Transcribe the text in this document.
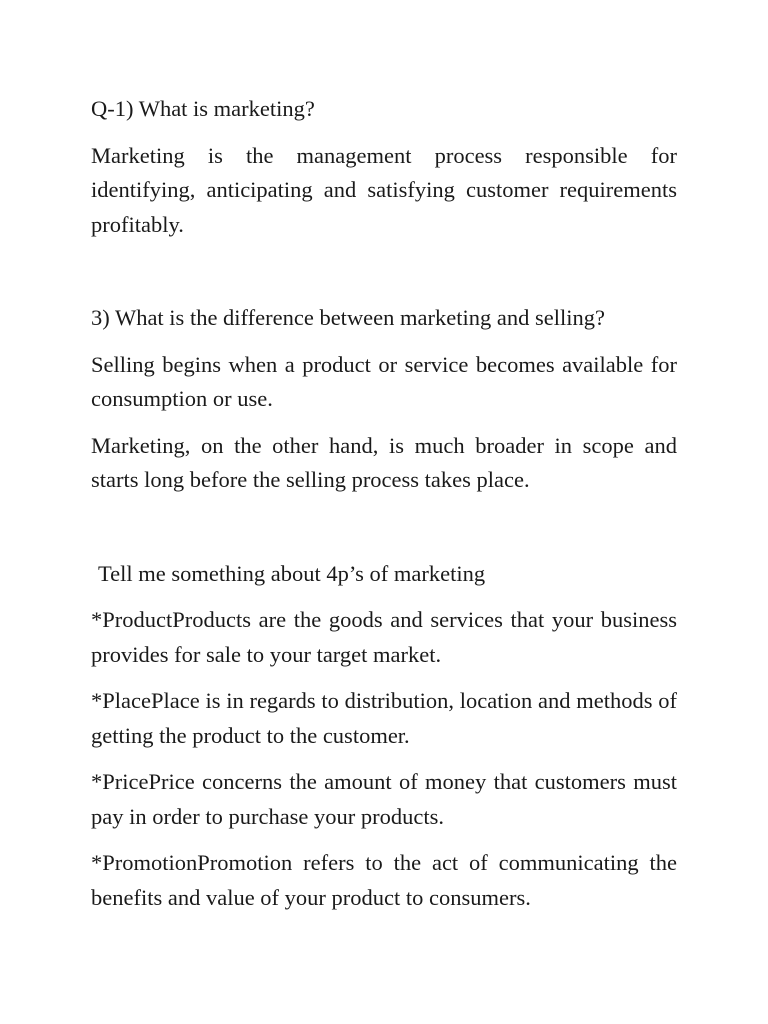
Q-1) What is marketing?

Marketing is the management process responsible for identifying, anticipating and satisfying customer requirements profitably.

3) What is the difference between marketing and selling?

Selling begins when a product or service becomes available for consumption or use.

Marketing, on the other hand, is much broader in scope and starts long before the selling process takes place.

Tell me something about 4p’s of marketing

*ProductProducts are the goods and services that your business provides for sale to your target market.

*PlacePlace is in regards to distribution, location and methods of getting the product to the customer.

*PricePrice concerns the amount of money that customers must pay in order to purchase your products.

*PromotionPromotion refers to the act of communicating the benefits and value of your product to consumers.
